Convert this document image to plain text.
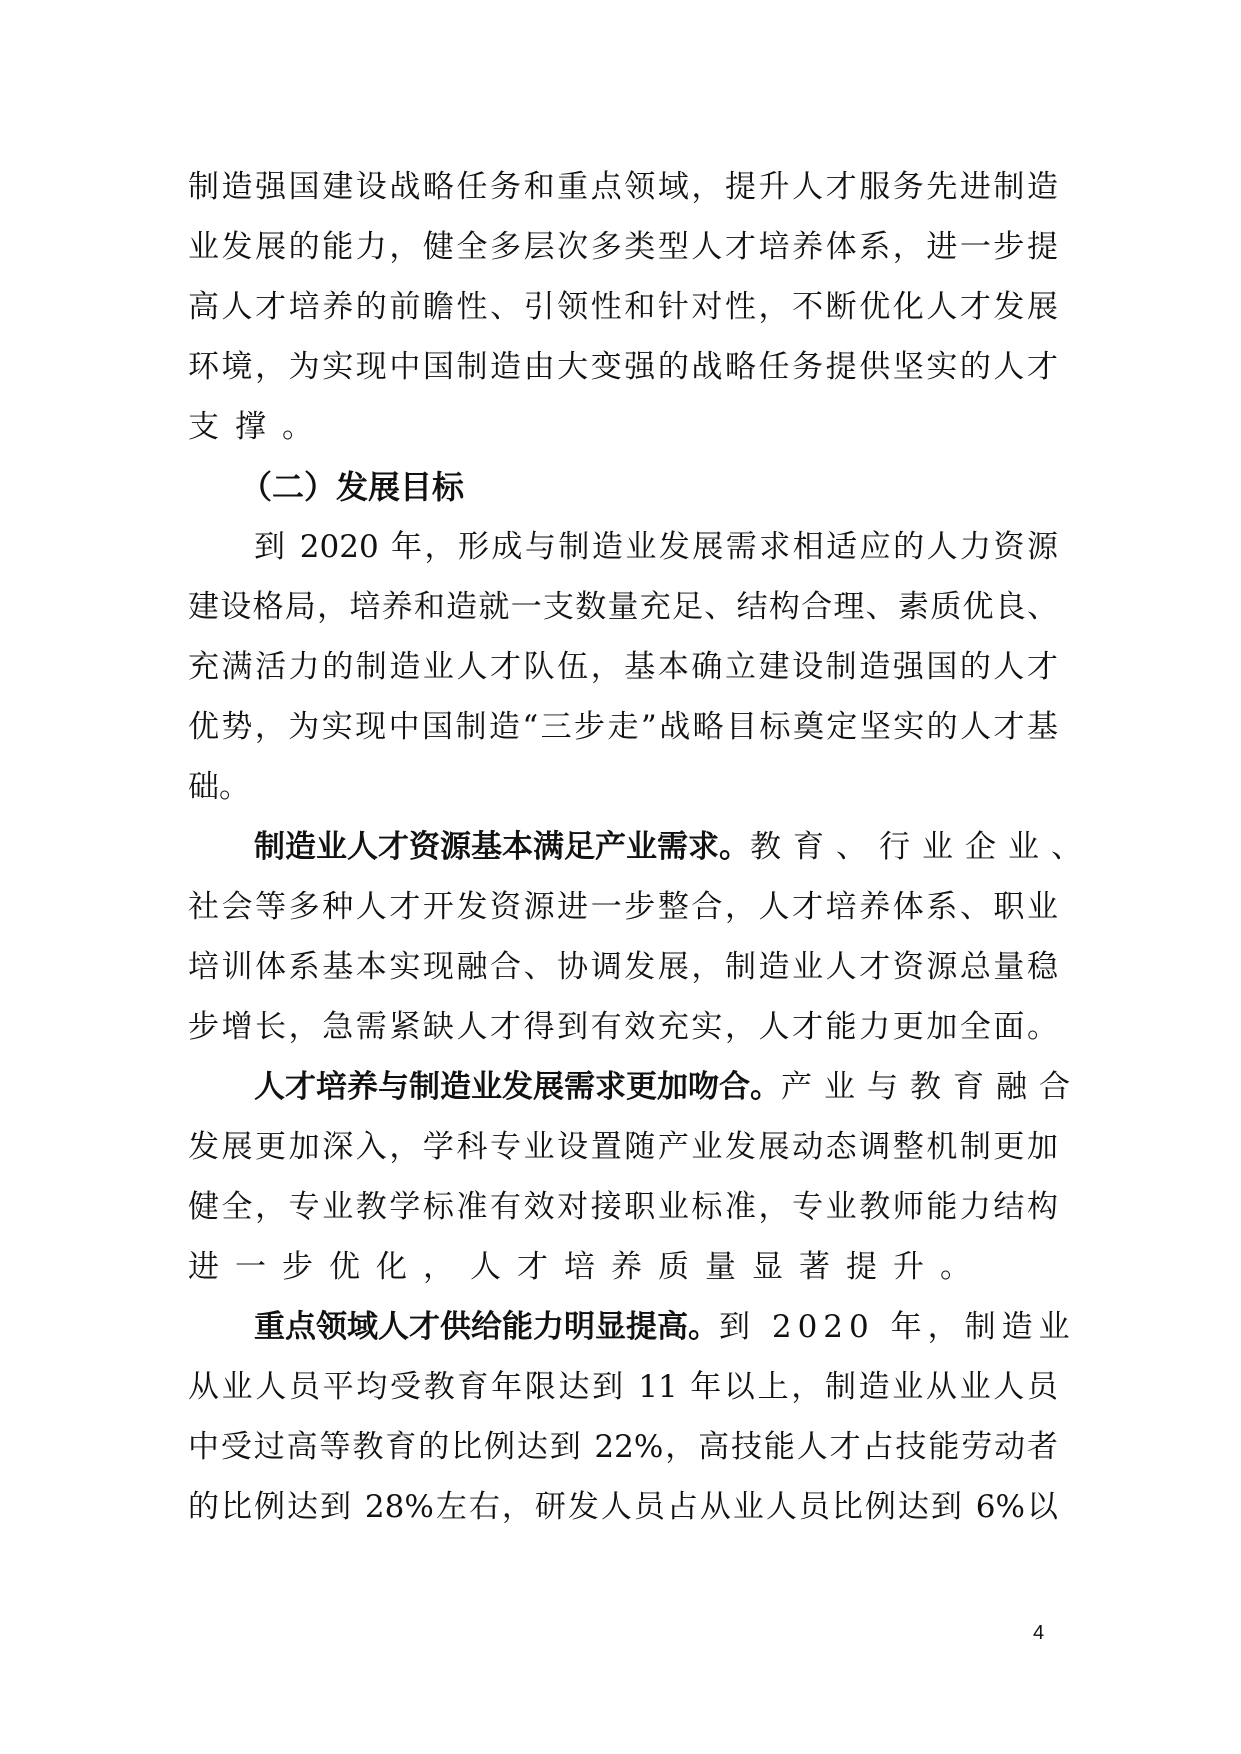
制造强国建设战略任务和重点领域，提升人才服务先进制造
业发展的能力，健全多层次多类型人才培养体系，进一步提
高人才培养的前瞻性、引领性和针对性，不断优化人才发展
环境，为实现中国制造由大变强的战略任务提供坚实的人才
支撑。
（二）发展目标
到 2020 年，形成与制造业发展需求相适应的人力资源
建设格局，培养和造就一支数量充足、结构合理、素质优良、
充满活力的制造业人才队伍，基本确立建设制造强国的人才
优势，为实现中国制造“三步走”战略目标奠定坚实的人才基
础。
制造业人才资源基本满足产业需求。 教育、行业企业、
社会等多种人才开发资源进一步整合，人才培养体系、职业
培训体系基本实现融合、协调发展，制造业人才资源总量稳
步增长，急需紧缺人才得到有效充实，人才能力更加全面。
人才培养与制造业发展需求更加吻合。 产业与教育融合
发展更加深入，学科专业设置随产业发展动态调整机制更加
健全，专业教学标准有效对接职业标准，专业教师能力结构
进一步优化，人才培养质量显著提升。
重点领域人才供给能力明显提高。 到 2020 年，制造业
从业人员平均受教育年限达到 11 年以上，制造业从业人员
中受过高等教育的比例达到 22%，高技能人才占技能劳动者
的比例达到 28%左右，研发人员占从业人员比例达到 6%以
4
